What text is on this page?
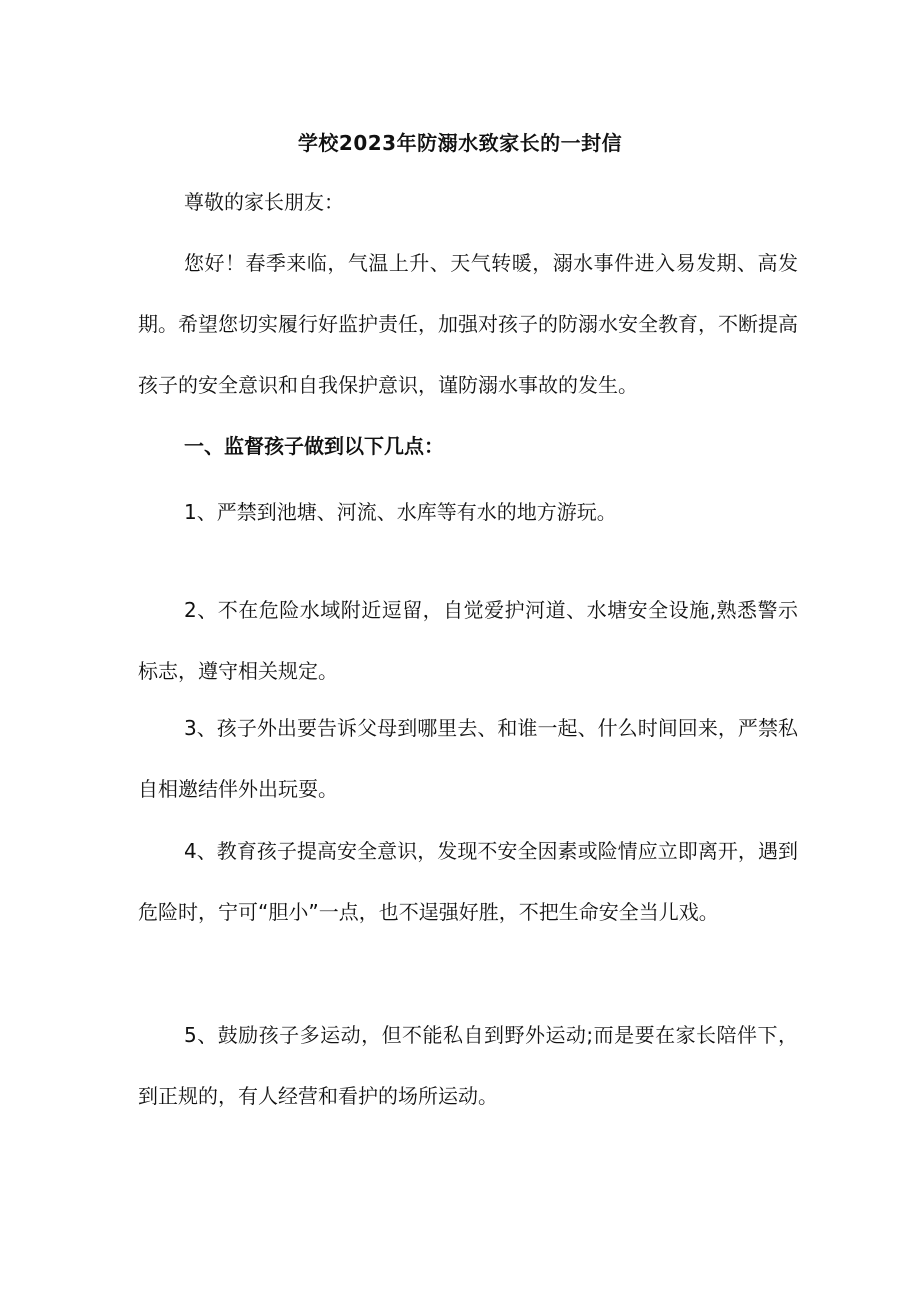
学校2023年防溺水致家长的一封信
尊敬的家长朋友：
您好！春季来临，气温上升、天气转暖，溺水事件进入易发期、高发期。希望您切实履行好监护责任，加强对孩子的防溺水安全教育，不断提高孩子的安全意识和自我保护意识，谨防溺水事故的发生。
一、监督孩子做到以下几点：
1、严禁到池塘、河流、水库等有水的地方游玩。
2、不在危险水域附近逗留，自觉爱护河道、水塘安全设施,熟悉警示标志，遵守相关规定。
3、孩子外出要告诉父母到哪里去、和谁一起、什么时间回来，严禁私自相邀结伴外出玩耍。
4、教育孩子提高安全意识，发现不安全因素或险情应立即离开，遇到危险时，宁可“胆小”一点，也不逞强好胜，不把生命安全当儿戏。
5、鼓励孩子多运动，但不能私自到野外运动;而是要在家长陪伴下，到正规的，有人经营和看护的场所运动。
